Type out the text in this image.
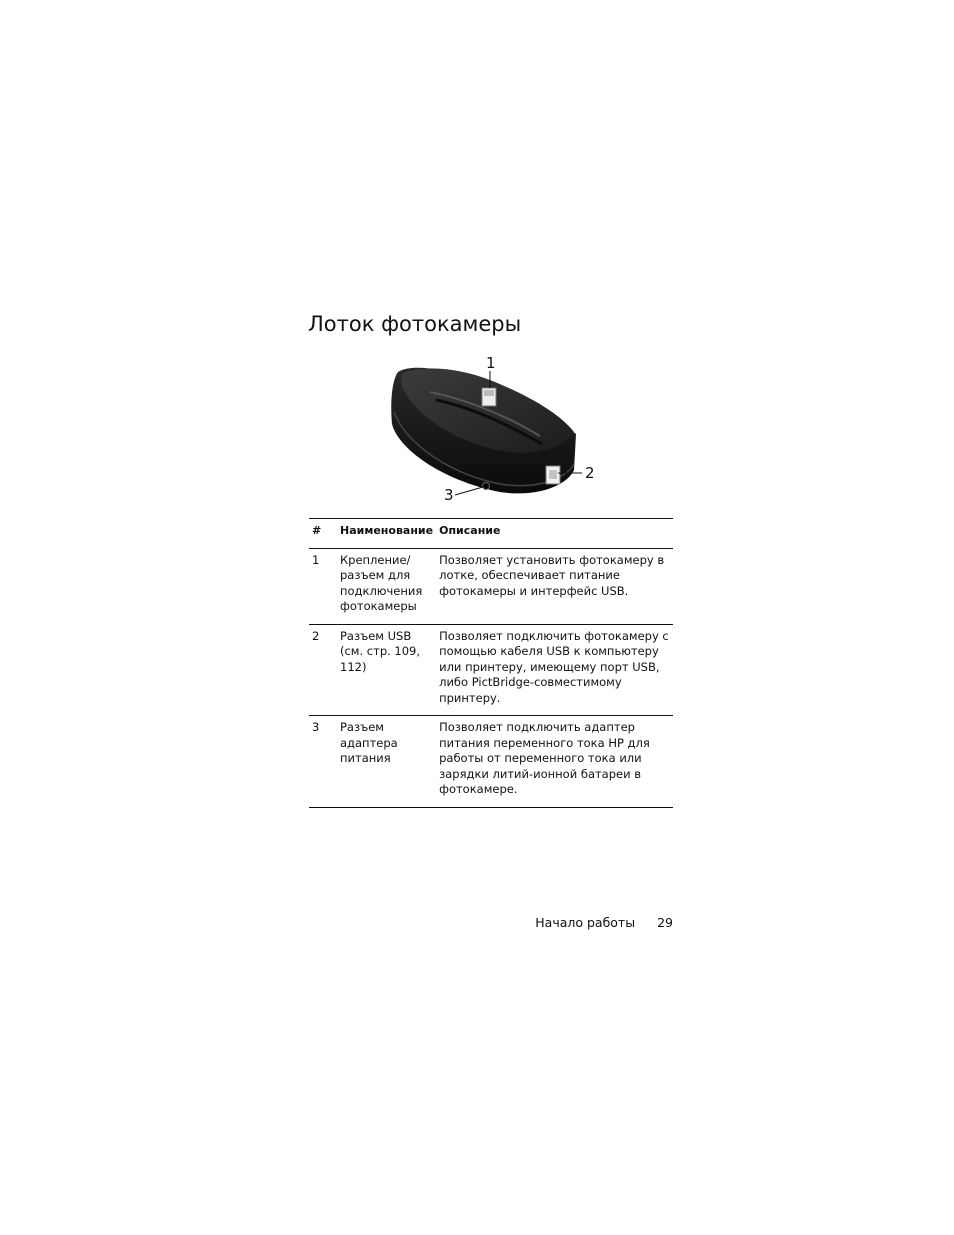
Лоток фотокамеры
1
2
3
#	Наименование	Описание
1	Крепление/ разъем для подключения фотокамеры	Позволяет установить фотокамеру в лотке, обеспечивает питание фотокамеры и интерфейс USB.
2	Разъем USB (см. стр. 109, 112)	Позволяет подключить фотокамеру с помощью кабеля USB к компьютеру или принтеру, имеющему порт USB, либо PictBridge-совместимому принтеру.
3	Разъем адаптера питания	Позволяет подключить адаптер питания переменного тока HP для работы от переменного тока или зарядки литий-ионной батареи в фотокамере.
Начало работы 29
